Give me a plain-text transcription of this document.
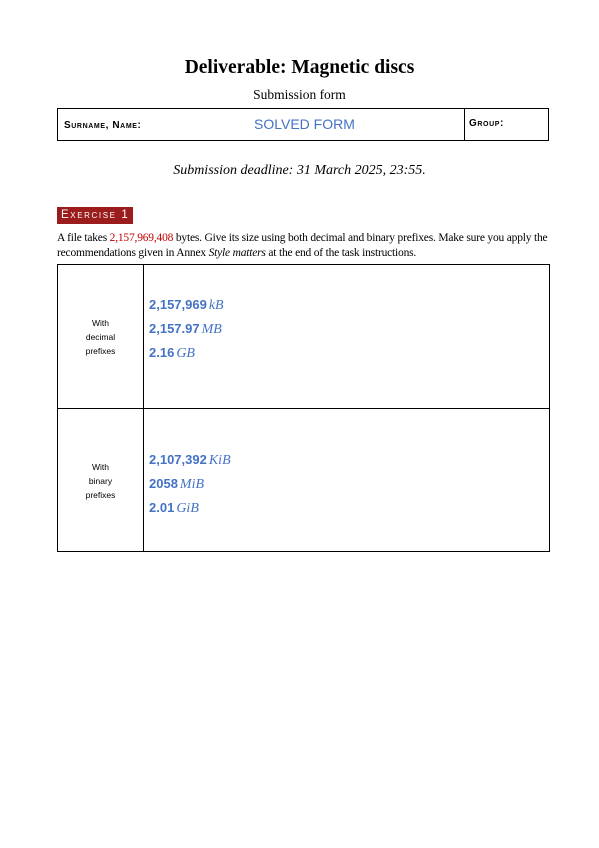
Deliverable: Magnetic discs
Submission form
Surname, Name:	SOLVED FORM	Group:
Submission deadline: 31 March 2025, 23:55.
Exercise 1
A file takes 2,157,969,408 bytes. Give its size using both decimal and binary prefixes. Make sure you apply the recommendations given in Annex Style matters at the end of the task instructions.
With
decimal
prefixes
2,157,969 kB
2,157.97 MB
2.16 GB
With
binary
prefixes
2,107,392 KiB
2058 MiB
2.01 GiB
